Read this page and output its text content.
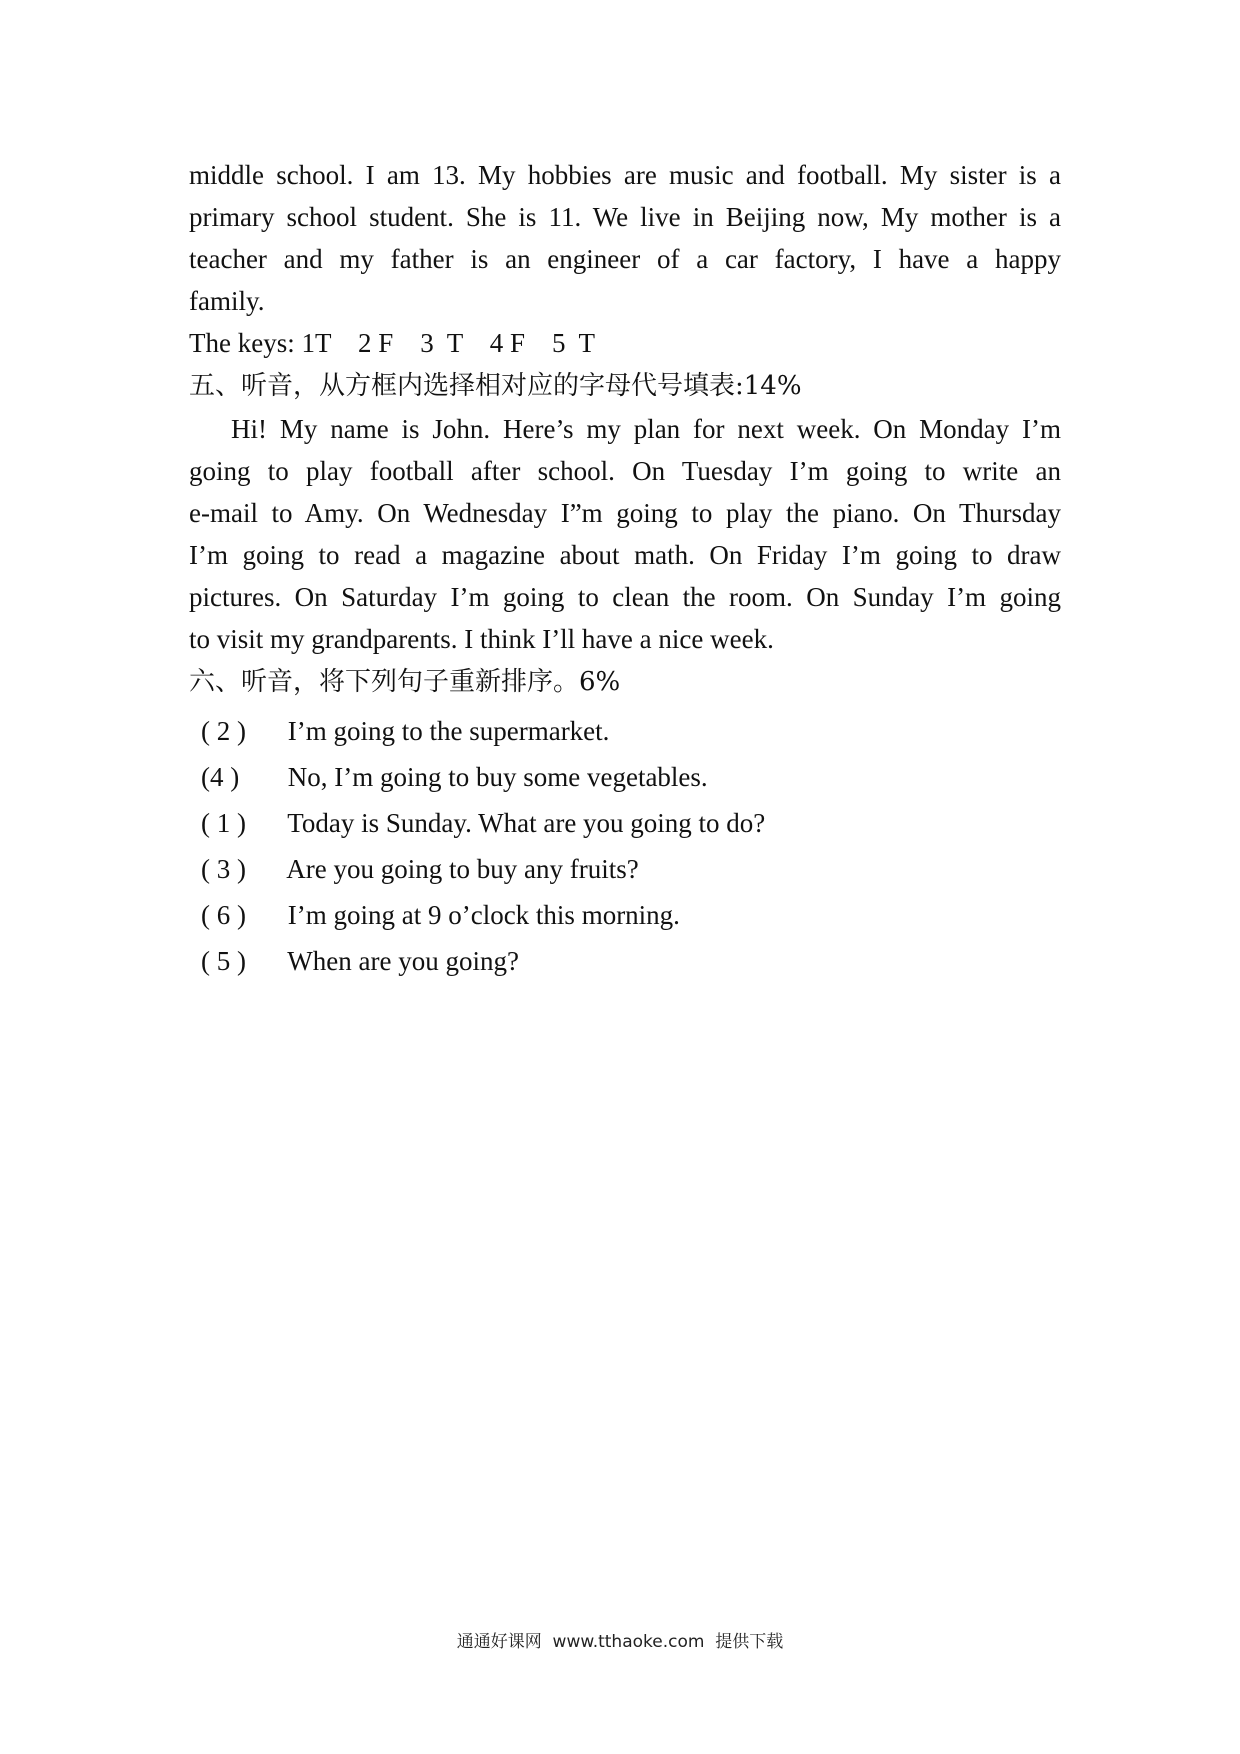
middle school. I am 13. My hobbies are music and football. My sister is a
primary school student. She is 11. We live in Beijing now, My mother is a
teacher and my father is an engineer of a car factory, I have a happy
family.

The keys: 1T    2 F    3  T    4 F    5  T

五、听音，从方框内选择相对应的字母代号填表:14%

Hi! My name is John. Here’s my plan for next week. On Monday I’m
going to play football after school. On Tuesday I’m going to write an
e-mail to Amy. On Wednesday I”m going to play the piano. On Thursday
I’m going to read a magazine about math. On Friday I’m going to draw
pictures. On Saturday I’m going to clean the room. On Sunday I’m going
to visit my grandparents. I think I’ll have a nice week.

六、听音，将下列句子重新排序。6%

( 2 ) I’m going to the supermarket.
(4 ) No, I’m going to buy some vegetables.
( 1 ) Today is Sunday. What are you going to do?
( 3 ) Are you going to buy any fruits?
( 6 ) I’m going at 9 o’clock this morning.
( 5 ) When are you going?
通通好课网  www.tthaoke.com  提供下载
